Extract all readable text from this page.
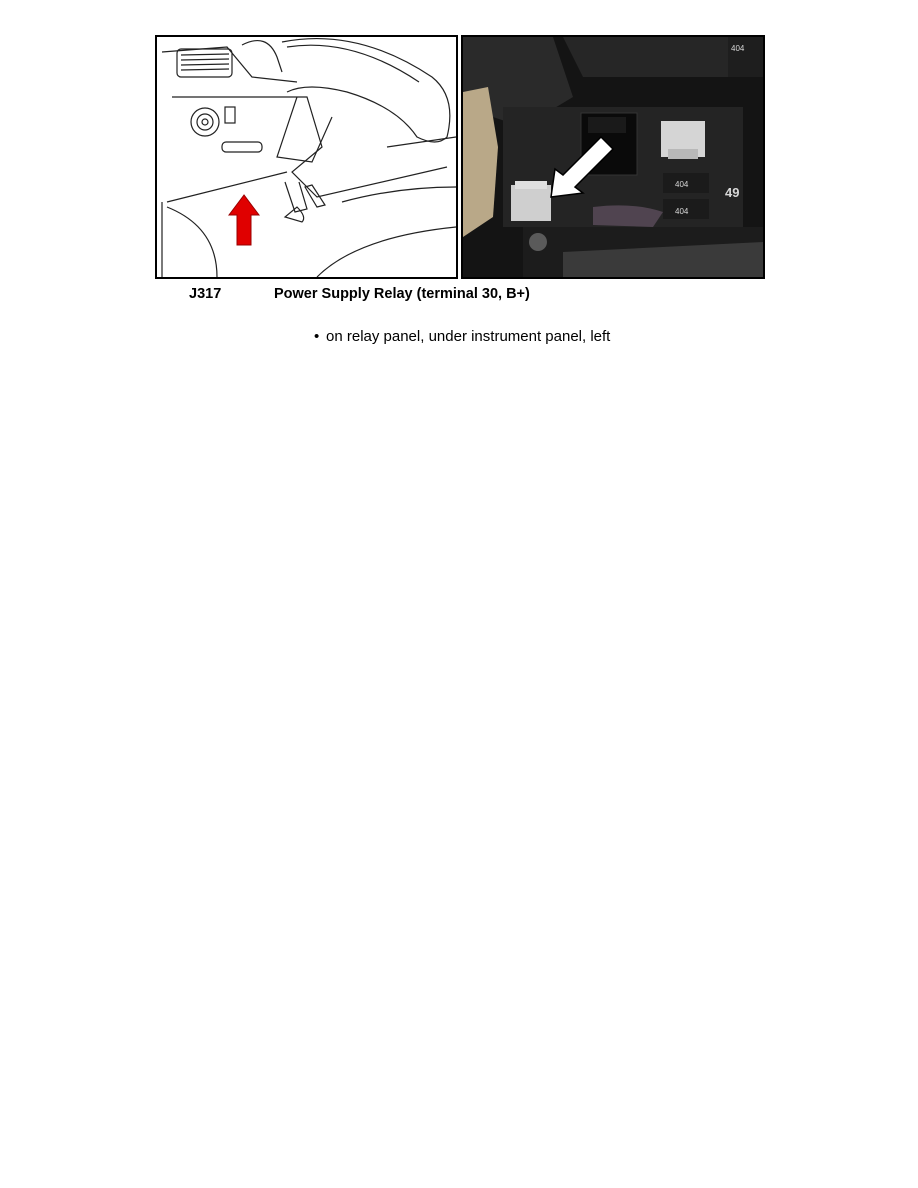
404
404
404
49
J317	Power Supply Relay (terminal 30, B+)
• on relay panel, under instrument panel, left
